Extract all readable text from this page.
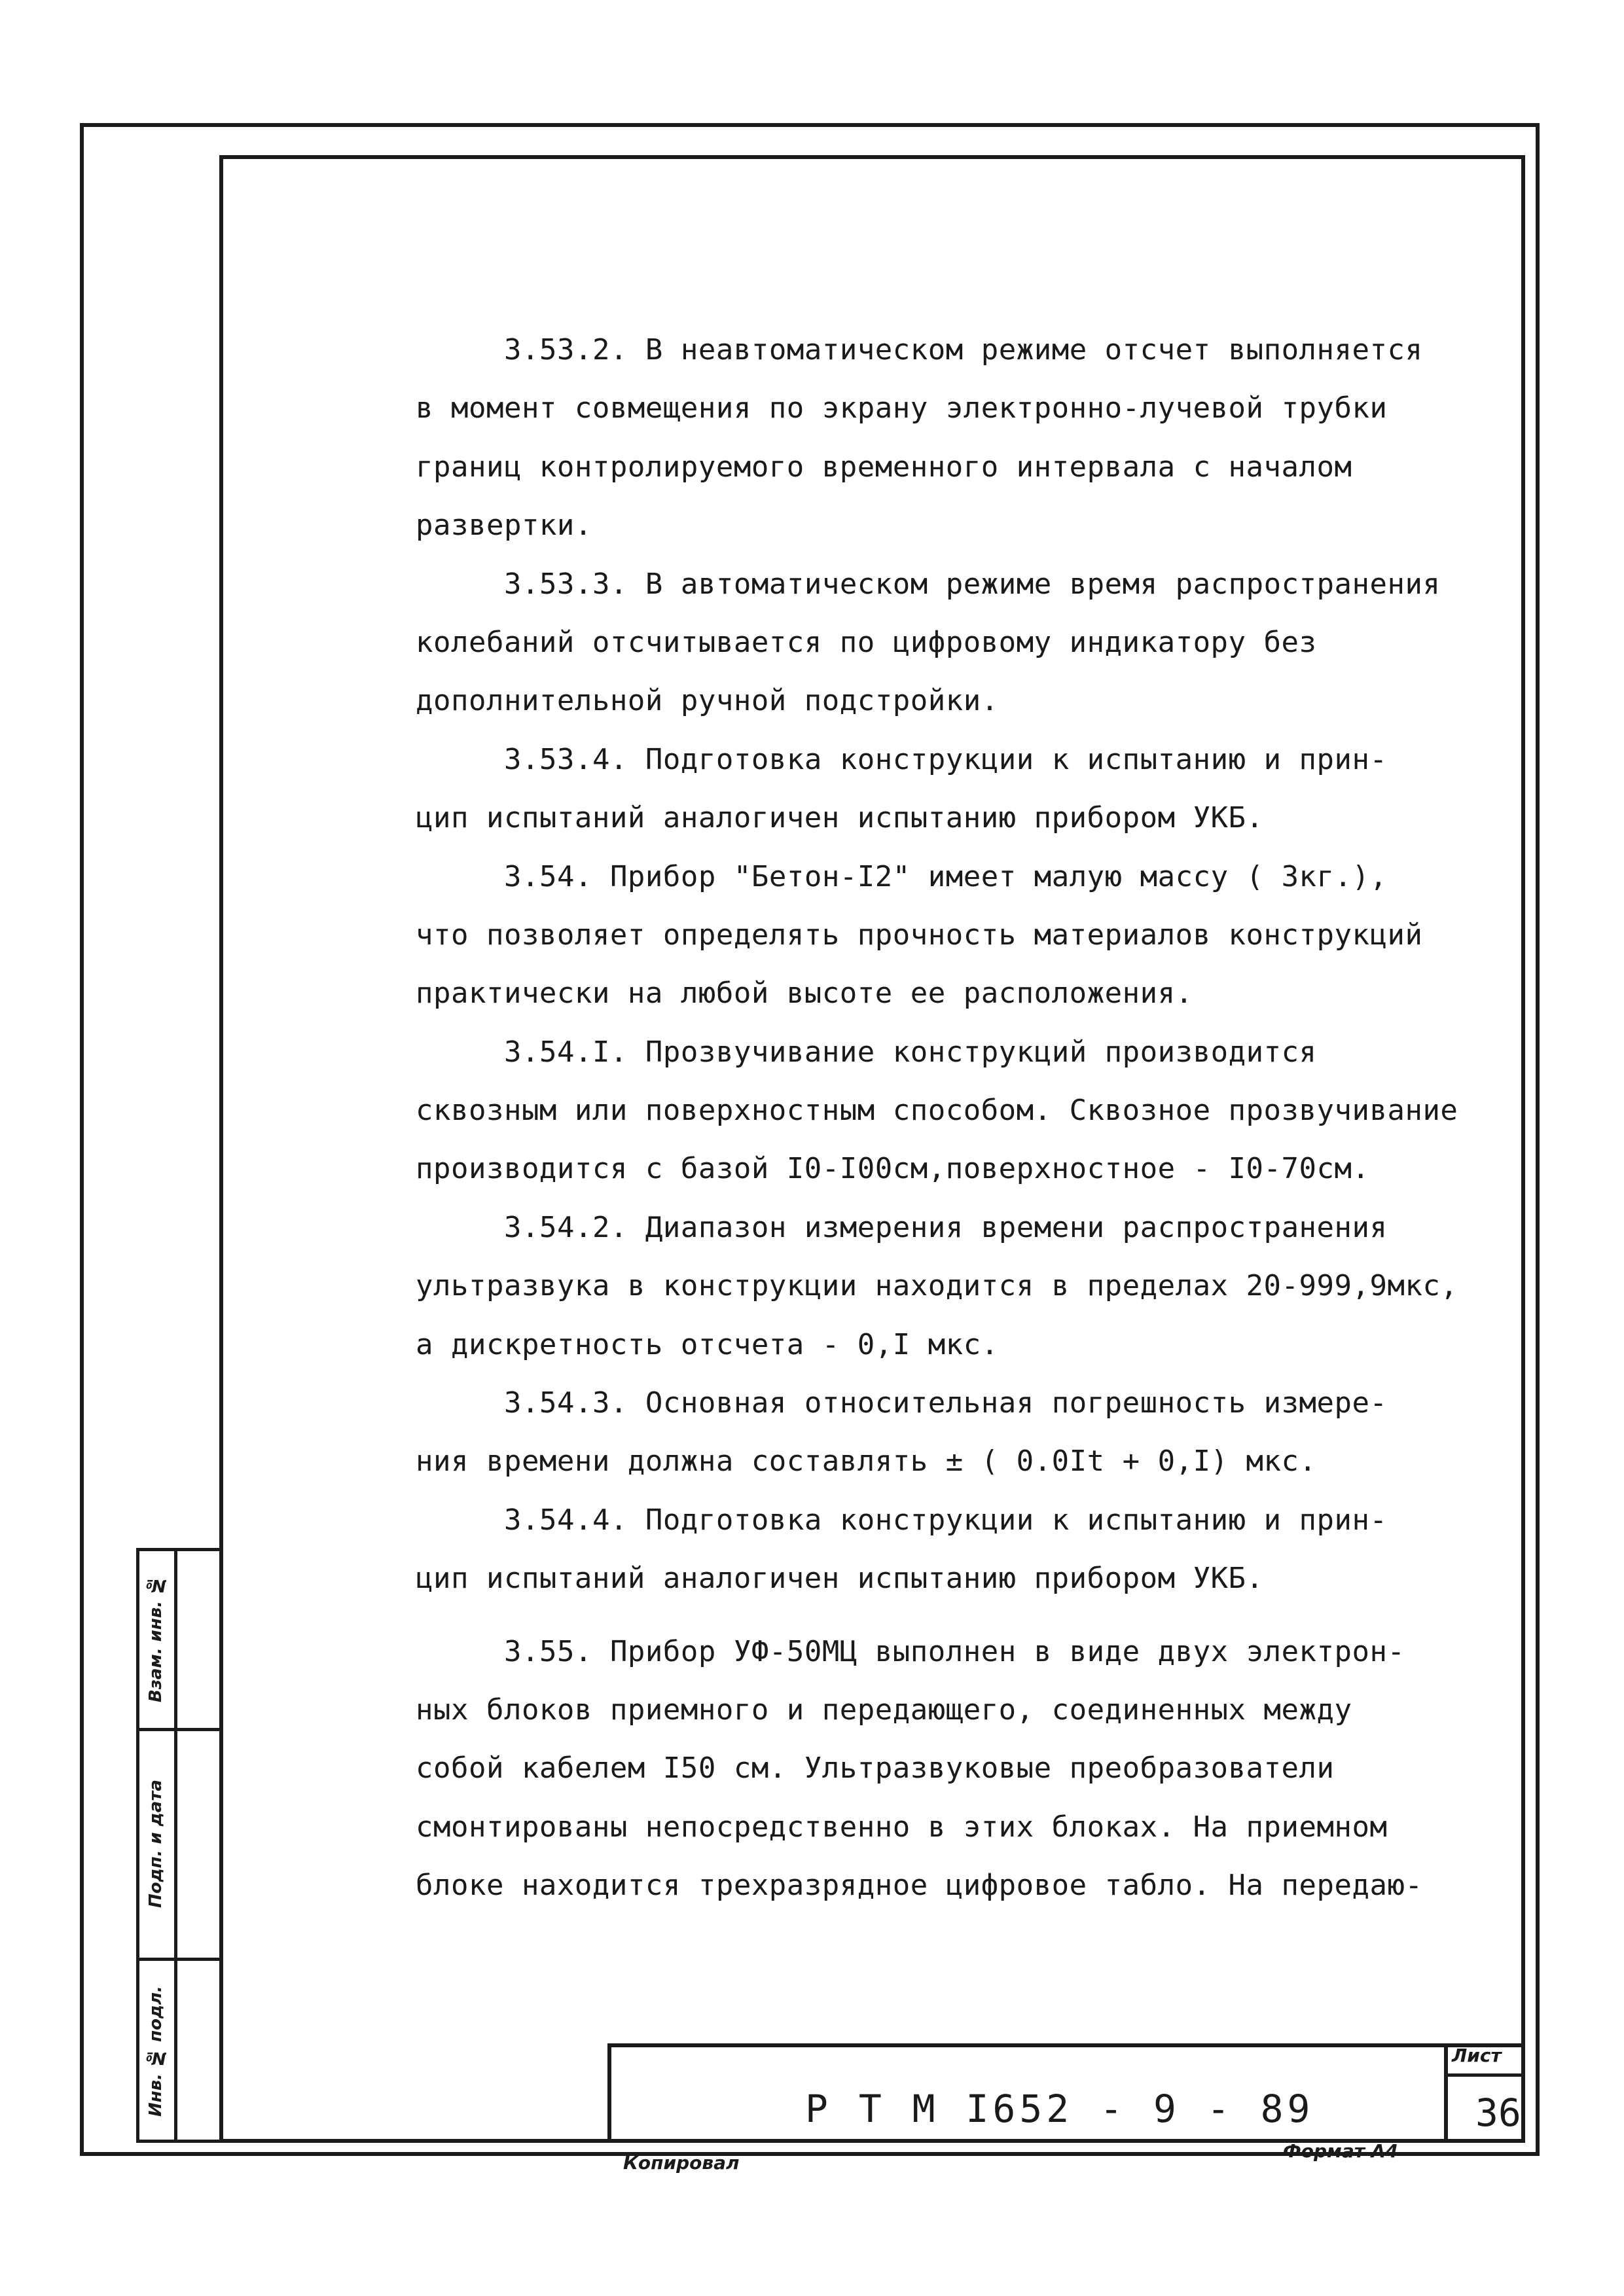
Взам. инв. №
Подп. и дата
Инв. № подл.
3.53.2. В неавтоматическом режиме отсчет выполняется
в момент совмещения по экрану электронно-лучевой трубки
границ контролируемого временного интервала с началом
развертки.
3.53.3. В автоматическом режиме время распространения
колебаний отсчитывается по цифровому индикатору без
дополнительной ручной подстройки.
3.53.4. Подготовка конструкции к испытанию и прин-
цип испытаний аналогичен испытанию прибором УКБ.
3.54. Прибор "Бетон-I2" имеет малую массу ( 3кг.),
что позволяет определять прочность материалов конструкций
практически на любой высоте ее расположения.
3.54.I. Прозвучивание конструкций производится
сквозным или поверхностным способом. Сквозное прозвучивание
производится с базой I0-I00см,поверхностное - I0-70см.
3.54.2. Диапазон измерения времени распространения
ультразвука в конструкции находится в пределах 20-999,9мкс,
а дискретность отсчета - 0,I мкс.
3.54.3. Основная относительная погрешность измере-
ния времени должна составлять ± ( 0.0It + 0,I) мкс.
3.54.4. Подготовка конструкции к испытанию и прин-
цип испытаний аналогичен испытанию прибором УКБ.
3.55. Прибор УФ-50МЦ выполнен в виде двух электрон-
ных блоков приемного и передающего, соединенных между
собой кабелем I50 см. Ультразвуковые преобразователи
смонтированы непосредственно в этих блоках. На приемном
блоке находится трехразрядное цифровое табло. На передаю-
Р Т М I652 - 9 - 89
Лист
36
Копировал
Формат А4
